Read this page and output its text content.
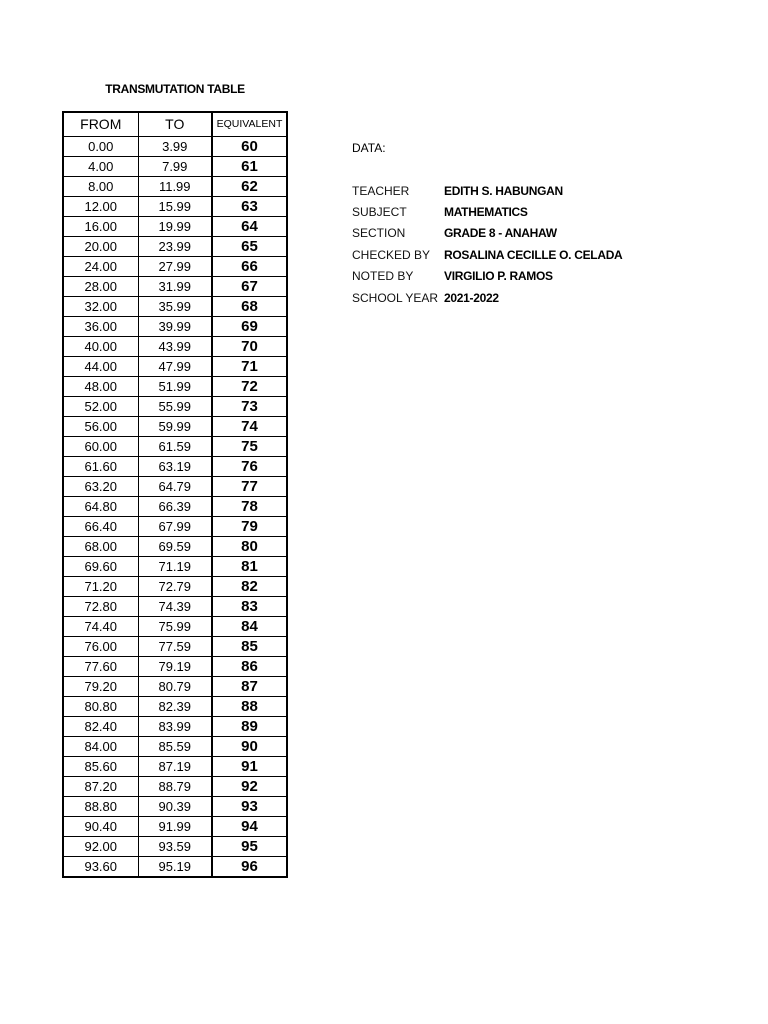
TRANSMUTATION TABLE
FROM	TO	EQUIVALENT
0.00	3.99	60
4.00	7.99	61
8.00	11.99	62
12.00	15.99	63
16.00	19.99	64
20.00	23.99	65
24.00	27.99	66
28.00	31.99	67
32.00	35.99	68
36.00	39.99	69
40.00	43.99	70
44.00	47.99	71
48.00	51.99	72
52.00	55.99	73
56.00	59.99	74
60.00	61.59	75
61.60	63.19	76
63.20	64.79	77
64.80	66.39	78
66.40	67.99	79
68.00	69.59	80
69.60	71.19	81
71.20	72.79	82
72.80	74.39	83
74.40	75.99	84
76.00	77.59	85
77.60	79.19	86
79.20	80.79	87
80.80	82.39	88
82.40	83.99	89
84.00	85.59	90
85.60	87.19	91
87.20	88.79	92
88.80	90.39	93
90.40	91.99	94
92.00	93.59	95
93.60	95.19	96
DATA:
TEACHER	EDITH S. HABUNGAN
SUBJECT	MATHEMATICS
SECTION	GRADE 8 - ANAHAW
CHECKED BY	ROSALINA CECILLE O. CELADA
NOTED BY	VIRGILIO P. RAMOS
SCHOOL YEAR 2021-2022
